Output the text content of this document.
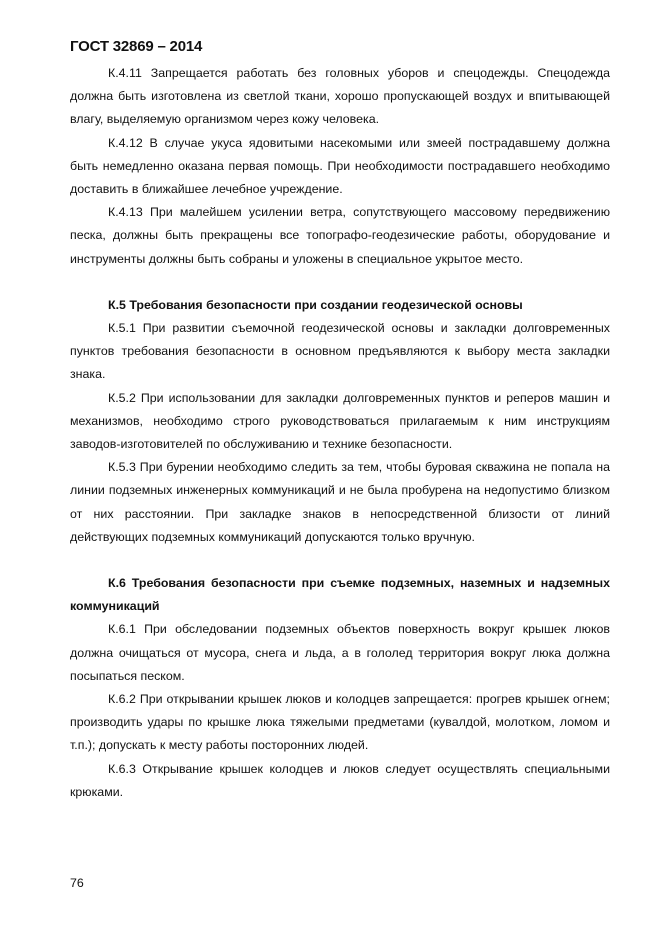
ГОСТ 32869 – 2014

К.4.11 Запрещается работать без головных уборов и спецодежды. Спецодежда должна быть изготовлена из светлой ткани, хорошо пропускающей воздух и впитывающей влагу, выделяемую организмом через кожу человека.

К.4.12 В случае укуса ядовитыми насекомыми или змеей пострадавшему должна быть немедленно оказана первая помощь. При необходимости пострадавшего необходимо доставить в ближайшее лечебное учреждение.

К.4.13 При малейшем усилении ветра, сопутствующего массовому передвижению песка, должны быть прекращены все топографо-геодезические работы, оборудование и инструменты должны быть собраны и уложены в специальное укрытое место.

К.5 Требования безопасности при создании геодезической основы

К.5.1 При развитии съемочной геодезической основы и закладки долговременных пунктов требования безопасности в основном предъявляются к выбору места закладки знака.

К.5.2 При использовании для закладки долговременных пунктов и реперов машин и механизмов, необходимо строго руководствоваться прилагаемым к ним инструкциям заводов-изготовителей по обслуживанию и технике безопасности.

К.5.3 При бурении необходимо следить за тем, чтобы буровая скважина не попала на линии подземных инженерных коммуникаций и не была пробурена на недопустимо близком от них расстоянии. При закладке знаков в непосредственной близости от линий действующих подземных коммуникаций допускаются только вручную.

К.6 Требования безопасности при съемке подземных, наземных и надземных коммуникаций

К.6.1 При обследовании подземных объектов поверхность вокруг крышек люков должна очищаться от мусора, снега и льда, а в гололед территория вокруг люка должна посыпаться песком.

К.6.2 При открывании крышек люков и колодцев запрещается: прогрев крышек огнем; производить удары по крышке люка тяжелыми предметами (кувалдой, молотком, ломом и т.п.); допускать к месту работы посторонних людей.

К.6.3 Открывание крышек колодцев и люков следует осуществлять специальными крюками.

76
